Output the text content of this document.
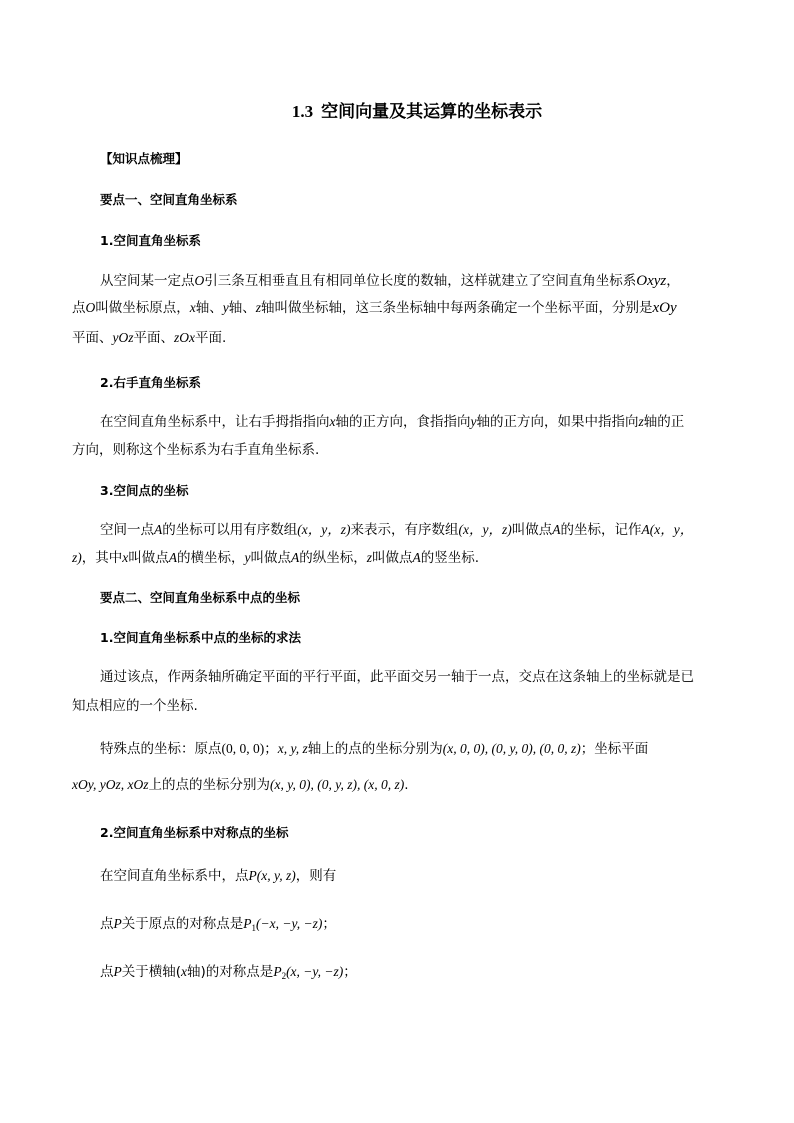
1.3 空间向量及其运算的坐标表示
【知识点梳理】
要点一、空间直角坐标系
1.空间直角坐标系
从空间某一定点O引三条互相垂直且有相同单位长度的数轴，这样就建立了空间直角坐标系Oxyz，
点O叫做坐标原点，x轴、y轴、z轴叫做坐标轴，这三条坐标轴中每两条确定一个坐标平面，分别是xOy
平面、yOz平面、zOx平面.
2.右手直角坐标系
在空间直角坐标系中，让右手拇指指向x轴的正方向，食指指向y轴的正方向，如果中指指向z轴的正
方向，则称这个坐标系为右手直角坐标系.
3.空间点的坐标
空间一点A的坐标可以用有序数组(x，y，z)来表示，有序数组(x，y，z)叫做点A的坐标，记作A(x，y，
z)，其中x叫做点A的横坐标，y叫做点A的纵坐标，z叫做点A的竖坐标.
要点二、空间直角坐标系中点的坐标
1.空间直角坐标系中点的坐标的求法
通过该点，作两条轴所确定平面的平行平面，此平面交另一轴于一点，交点在这条轴上的坐标就是已
知点相应的一个坐标.
特殊点的坐标：原点(0, 0, 0)；x, y, z轴上的点的坐标分别为(x, 0, 0), (0, y, 0), (0, 0, z)；坐标平面
xOy, yOz, xOz上的点的坐标分别为(x, y, 0), (0, y, z), (x, 0, z).
2.空间直角坐标系中对称点的坐标
在空间直角坐标系中，点P(x, y, z)，则有
点P关于原点的对称点是$P_1(-x$, −y, −z)；
点P关于横轴(x轴)的对称点是$P_2(x$, −y, −z)；
